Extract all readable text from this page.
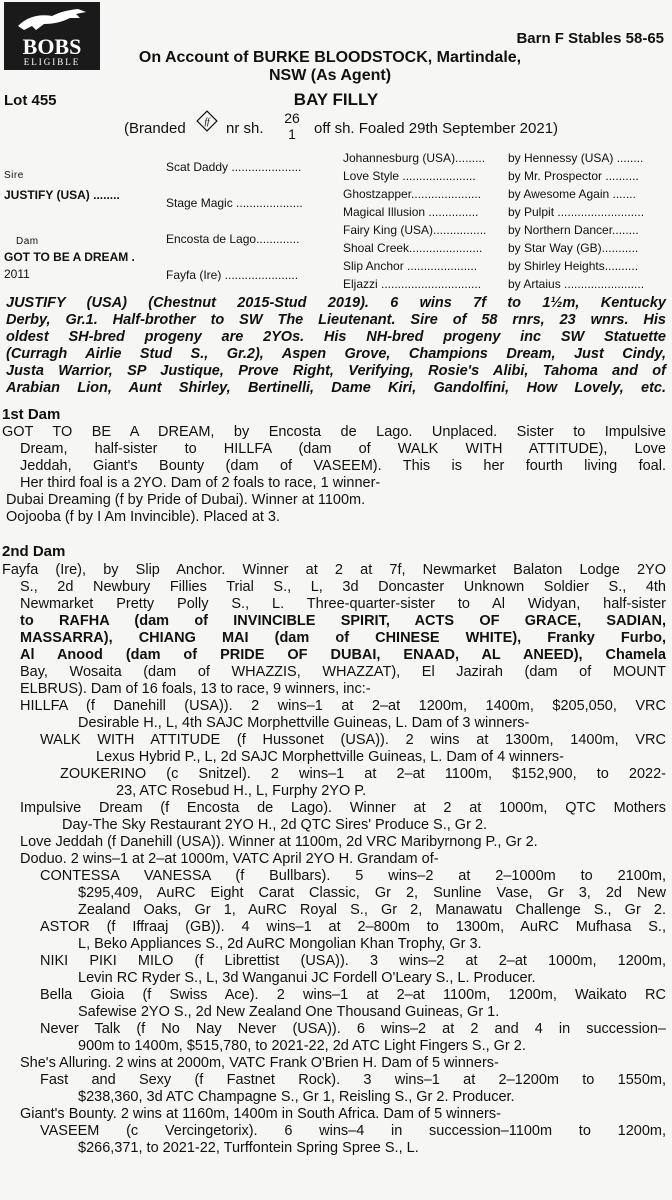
BOBS
ELIGIBLE
Barn F Stables 58-65
On Account of BURKE BLOODSTOCK, Martindale,
NSW (As Agent)
Lot 455	BAY FILLY
(Branded ff nr sh.
26
1 off sh. Foaled 29th September 2021)
Sire
JUSTIFY (USA) ........
Dam
GOT TO BE A DREAM .
2011
Scat Daddy .....................
Stage Magic ....................
Encosta de Lago.............
Fayfa (Ire) ......................
Johannesburg (USA).........
Love Style ......................
Ghostzapper.....................
Magical Illusion ...............
Fairy King (USA)................
Shoal Creek......................
Slip Anchor .....................
Eljazzi ..............................
by Hennessy (USA) ........
by Mr. Prospector ..........
by Awesome Again .......
by Pulpit ..........................
by Northern Dancer........
by Star Way (GB)...........
by Shirley Heights..........
by Artaius ........................
JUSTIFY (USA) (Chestnut 2015-Stud 2019). 6 wins 7f to 1½m, Kentucky
Derby, Gr.1. Half-brother to SW The Lieutenant. Sire of 58 rnrs, 23 wnrs. His
oldest SH-bred progeny are 2YOs. His NH-bred progeny inc SW Statuette
(Curragh Airlie Stud S., Gr.2), Aspen Grove, Champions Dream, Just Cindy,
Justa Warrior, SP Justique, Prove Right, Verifying, Rosie's Alibi, Tahoma and of
Arabian Lion, Aunt Shirley, Bertinelli, Dame Kiri, Gandolfini, How Lovely, etc.
1st Dam
GOT TO BE A DREAM, by Encosta de Lago. Unplaced. Sister to Impulsive
Dream, half-sister to HILLFA (dam of WALK WITH ATTITUDE), Love
Jeddah, Giant's Bounty (dam of VASEEM). This is her fourth living foal.
Her third foal is a 2YO. Dam of 2 foals to race, 1 winner-
Dubai Dreaming (f by Pride of Dubai). Winner at 1100m.
Oojooba (f by I Am Invincible). Placed at 3.
2nd Dam
Fayfa (Ire), by Slip Anchor. Winner at 2 at 7f, Newmarket Balaton Lodge 2YO
S., 2d Newbury Fillies Trial S., L, 3d Doncaster Unknown Soldier S., 4th
Newmarket Pretty Polly S., L. Three-quarter-sister to Al Widyan, half-sister
to RAFHA (dam of INVINCIBLE SPIRIT, ACTS OF GRACE, SADIAN,
MASSARRA), CHIANG MAI (dam of CHINESE WHITE), Franky Furbo,
Al Anood (dam of PRIDE OF DUBAI, ENAAD, AL ANEED), Chamela
Bay, Wosaita (dam of WHAZZIS, WHAZZAT), El Jazirah (dam of MOUNT
ELBRUS). Dam of 16 foals, 13 to race, 9 winners, inc:-
HILLFA (f Danehill (USA)). 2 wins–1 at 2–at 1200m, 1400m, $205,050, VRC
Desirable H., L, 4th SAJC Morphettville Guineas, L. Dam of 3 winners-
WALK WITH ATTITUDE (f Hussonet (USA)). 2 wins at 1300m, 1400m, VRC
Lexus Hybrid P., L, 2d SAJC Morphettville Guineas, L. Dam of 4 winners-
ZOUKERINO (c Snitzel). 2 wins–1 at 2–at 1100m, $152,900, to 2022-
23, ATC Rosebud H., L, Furphy 2YO P.
Impulsive Dream (f Encosta de Lago). Winner at 2 at 1000m, QTC Mothers
Day-The Sky Restaurant 2YO H., 2d QTC Sires' Produce S., Gr 2.
Love Jeddah (f Danehill (USA)). Winner at 1100m, 2d VRC Maribyrnong P., Gr 2.
Doduo. 2 wins–1 at 2–at 1000m, VATC April 2YO H. Grandam of-
CONTESSA VANESSA (f Bullbars). 5 wins–2 at 2–1000m to 2100m,
$295,409, AuRC Eight Carat Classic, Gr 2, Sunline Vase, Gr 3, 2d New
Zealand Oaks, Gr 1, AuRC Royal S., Gr 2, Manawatu Challenge S., Gr 2.
ASTOR (f Iffraaj (GB)). 4 wins–1 at 2–800m to 1300m, AuRC Mufhasa S.,
L, Beko Appliances S., 2d AuRC Mongolian Khan Trophy, Gr 3.
NIKI PIKI MILO (f Librettist (USA)). 3 wins–2 at 2–at 1000m, 1200m,
Levin RC Ryder S., L, 3d Wanganui JC Fordell O'Leary S., L. Producer.
Bella Gioia (f Swiss Ace). 2 wins–1 at 2–at 1100m, 1200m, Waikato RC
Safewise 2YO S., 2d New Zealand One Thousand Guineas, Gr 1.
Never Talk (f No Nay Never (USA)). 6 wins–2 at 2 and 4 in succession–
900m to 1400m, $515,780, to 2021-22, 2d ATC Light Fingers S., Gr 2.
She's Alluring. 2 wins at 2000m, VATC Frank O'Brien H. Dam of 5 winners-
Fast and Sexy (f Fastnet Rock). 3 wins–1 at 2–1200m to 1550m,
$238,360, 3d ATC Champagne S., Gr 1, Reisling S., Gr 2. Producer.
Giant's Bounty. 2 wins at 1160m, 1400m in South Africa. Dam of 5 winners-
VASEEM (c Vercingetorix). 6 wins–4 in succession–1100m to 1200m,
$266,371, to 2021-22, Turffontein Spring Spree S., L.
